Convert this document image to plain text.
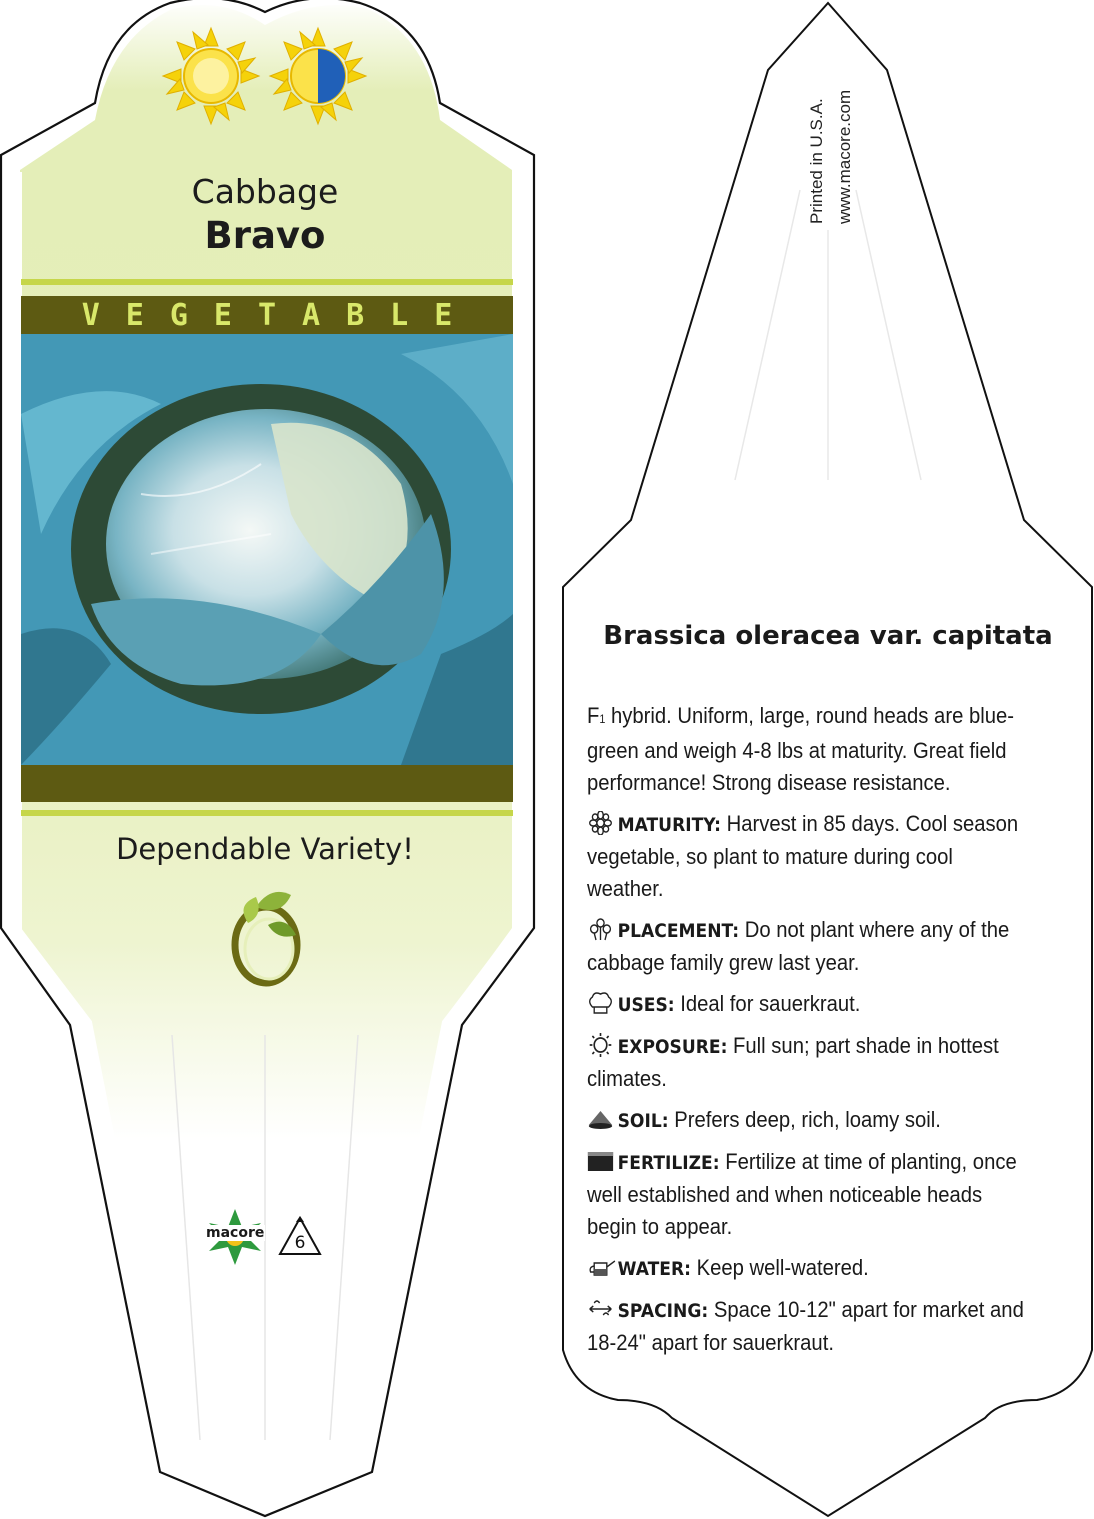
Cabbage
Bravo
VEGETABLE
Dependable Variety!
macore 6
Printed in U.S.A. www.macore.com
Brassica oleracea var. capitata

F1 hybrid. Uniform, large, round heads are blue-green and weigh 4-8 lbs at maturity. Great field performance! Strong disease resistance.

MATURITY: Harvest in 85 days. Cool season vegetable, so plant to mature during cool weather.

PLACEMENT: Do not plant where any of the cabbage family grew last year.

USES: Ideal for sauerkraut.

EXPOSURE: Full sun; part shade in hottest climates.

SOIL: Prefers deep, rich, loamy soil.

FERTILIZE: Fertilize at time of planting, once well established and when noticeable heads begin to appear.

WATER: Keep well-watered.

SPACING: Space 10-12" apart for market and 18-24" apart for sauerkraut.
